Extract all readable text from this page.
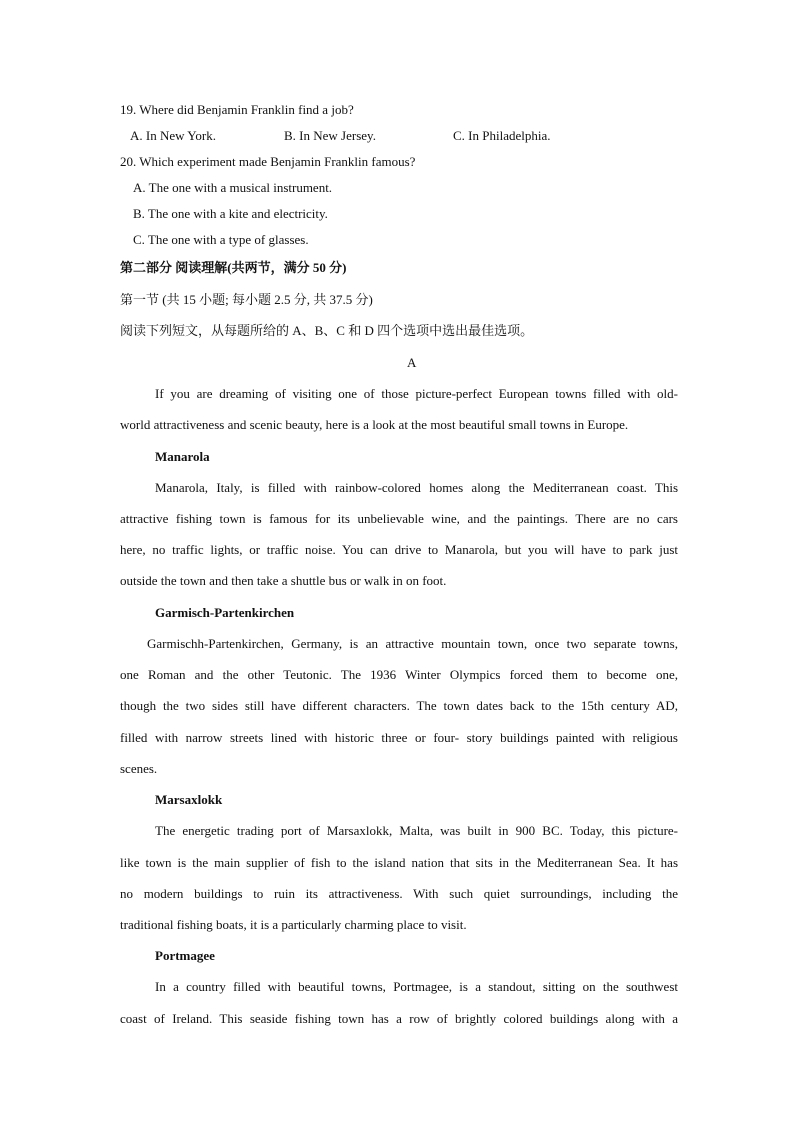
19. Where did Benjamin Franklin find a job?
A. In New York.	B. In New Jersey.	C. In Philadelphia.
20. Which experiment made Benjamin Franklin famous?
A. The one with a musical instrument.
B. The one with a kite and electricity.
C. The one with a type of glasses.
第二部分 阅读理解(共两节，满分 50 分)
第一节 (共 15 小题; 每小题 2.5 分, 共 37.5 分)
阅读下列短文，从每题所给的 A、B、C 和 D 四个选项中选出最佳选项。
A
If you are dreaming of visiting one of those picture-perfect European towns filled with old-
world attractiveness and scenic beauty, here is a look at the most beautiful small towns in Europe.
Manarola
Manarola, Italy, is filled with rainbow-colored homes along the Mediterranean coast. This
attractive fishing town is famous for its unbelievable wine, and the paintings. There are no cars
here, no traffic lights, or traffic noise. You can drive to Manarola, but you will have to park just
outside the town and then take a shuttle bus or walk in on foot.
Garmisch-Partenkirchen
Garmischh-Partenkirchen, Germany, is an attractive mountain town, once two separate towns,
one Roman and the other Teutonic. The 1936 Winter Olympics forced them to become one,
though the two sides still have different characters. The town dates back to the 15th century AD,
filled with narrow streets lined with historic three or four- story buildings painted with religious
scenes.
Marsaxlokk
The energetic trading port of Marsaxlokk, Malta, was built in 900 BC. Today, this picture-
like town is the main supplier of fish to the island nation that sits in the Mediterranean Sea. It has
no modern buildings to ruin its attractiveness. With such quiet surroundings, including the
traditional fishing boats, it is a particularly charming place to visit.
Portmagee
In a country filled with beautiful towns, Portmagee, is a standout, sitting on the southwest
coast of Ireland. This seaside fishing town has a row of brightly colored buildings along with a
